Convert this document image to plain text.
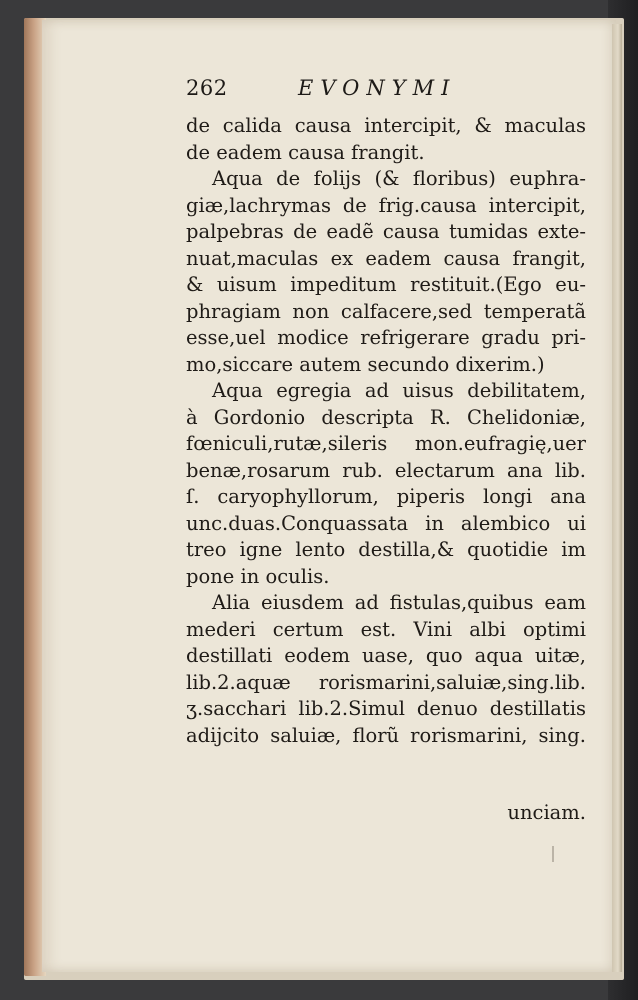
262	EVONYMI
de calida causa intercipit, & maculas
de eadem causa frangit.
Aqua de folijs (& floribus) euphra-
giæ,lachrymas de frig.causa intercipit,
palpebras de eadẽ causa tumidas exte-
nuat,maculas ex eadem causa frangit,
& uisum impeditum restituit.(Ego eu-
phragiam non calfacere,sed temperatã
esse,uel modice refrigerare gradu pri-
mo,siccare autem secundo dixerim.)
Aqua egregia ad uisus debilitatem,
à Gordonio descripta R. Chelidoniæ,
fœniculi,rutæ,sileris mon.eufragię,uer
benæ,rosarum rub. electarum ana lib.
ſ. caryophyllorum, piperis longi ana
unc.duas.Conquassata in alembico ui
treo igne lento destilla,& quotidie im
pone in oculis.
Alia eiusdem ad fistulas,quibus eam
mederi certum est. Vini albi optimi
destillati eodem uase, quo aqua uitæ,
lib.2.aquæ rorismarini,saluiæ,sing.lib.
ʒ.sacchari lib.2.Simul denuo destillatis
adijcito saluiæ, florũ rorismarini, sing.
unciam.
